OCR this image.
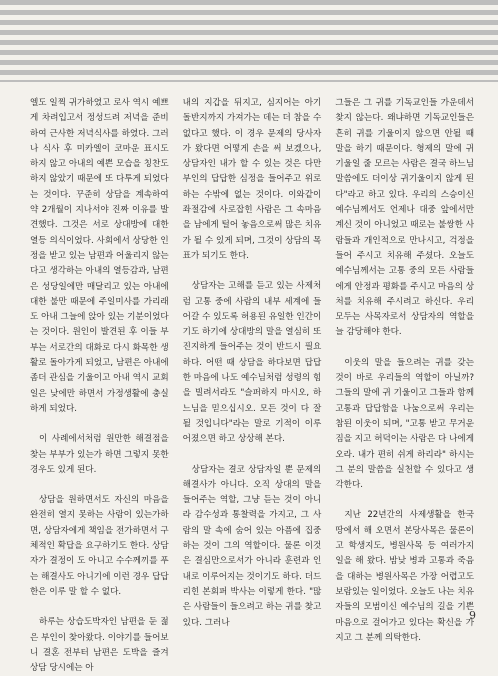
엘도 일찍 귀가하였고 로사 역시 예쁘게 차려입고서 정성드려 저녁을 준비하여 근사한 저녁식사를 하였다. 그러나 식사 후 미카엘이 코마운 표시도 하지 않고 아내의 예쁜 모습을 칭찬도 하지 않았기 때문에 또 다투게 되었다는 것이다. 꾸준히 상담을 계속하여 약 2개월이 지나서야 진짜 이유를 발견했다. 그것은 서로 상대방에 대한 열등 의식이었다. 사회에서 상당한 인정을 받고 있는 남편과 어울리지 않는다고 생각하는 아내의 열등감과, 남편은 성당일에만 매달리고 있는 아내에 대한 불만 때문에 주일미사를 가리래도 아내 그늘에 앉아 있는 기분이었다는 것이다. 원인이 발견된 후 이들 부부는 서로간의 대화로 다시 화목한 생활로 돌아가게 되었고, 남편은 아내에 좀더 관심을 기울이고 아내 역시 교회일은 낮에만 하면서 가정생활에 충실하게 되었다.

이 사례에서처럼 원만한 해결점을 찾는 부부가 있는가 하면 그렇지 못한 경우도 있게 된다.

상담을 원하면서도 자신의 마음을 완전히 열지 못하는 사람이 있는가하면, 상담자에게 책임을 전가하면서 구체적인 확답을 요구하기도 한다. 상담자가 결정이 도 아니고 수수께끼를 푸는 해결사도 아니기에 이런 경우 답답한은 이루 말 할 수 없다.

하루는 상습도박자인 남편을 둔 젊은 부인이 찾아왔다. 이야기를 들어보니 결혼 전부터 남편은 도박을 즐겨 상담 당시에는 아

내의 지갑을 뒤지고, 심지어는 아기 돌반지까지 가져가는 데는 더 참을 수 없다고 했다. 이 경우 문제의 당사자가 왔다면 어떻게 손을 써 보겠으나, 상담자인 내가 할 수 있는 것은 다만 부인의 답답한 심정을 들어주고 위로하는 수밖에 없는 것이다. 이와같이 좌절감에 사로잡힌 사람은 그 속마음을 남에게 털어 놓음으로써 많은 치유가 될 수 있게 되며, 그것이 상담의 목표가 되기도 한다.

상담자는 고해를 듣고 있는 사제처럼 고통 중에 사람의 내부 세계에 들어갈 수 있도록 허용된 유일한 인간이기도 하기에 상대방의 말을 열심히 또 진지하게 들어주는 것이 반드시 필요하다. 어떤 때 상담을 하다보면 답답한 마음에 나도 예수님처럼 성령의 힘을 빌려서라도 "슬퍼하지 마시오, 하느님을 믿으십시오. 모든 것이 다 잘 될 것입니다"라는 말로 기적이 이루어졌으면 하고 상상해 본다.

상담자는 결코 상담자일 뿐 문제의 해결사가 아니다. 오직 상대의 말을 들어주는 역할, 그냥 듣는 것이 아니라 감수성과 통찰력을 가지고, 그 사람의 말 속에 숨어 있는 아픔에 집중하는 것이 그의 역할이다. 물론 이것은 결심만으로서가 아니라 훈련과 인내로 이루어지는 것이기도 하다. 더드리힌 본회퍼 박사는 이렇게 한다. "많은 사람들이 들으려고 하는 귀를 찾고 있다. 그러나

그들은 그 귀를 기독교인들 가운데서 찾지 않는다. 왜냐하면 기독교인들은 흔히 귀를 기울이지 않으면 안될 때 말을 하기 때문이다. 형제의 말에 귀기울일 줄 모르는 사람은 결국 하느님 말씀에도 더이상 귀기울이지 않게 된다"라고 하고 있다. 우리의 스승이신 예수님께서도 언제나 대중 앞에서만 계신 것이 아니었고 때로는 불쌍한 사람들과 개인적으로 만나시고, 걱정을 들어 주시고 치유해 주셨다. 오늘도 예수님께서는 고통 중의 모든 사람들에게 안정과 평화를 주시고 마음의 상처를 치유해 주시려고 하신다. 우리 모두는 사목자로서 상담자의 역할을 늘 감당해야 한다.

이웃의 말을 들으려는 귀를 갖는 것이 바로 우리들의 역할이 아닐까? 그들의 말에 귀 기울이고 그들과 함께 고통과 답답함을 나눔으로써 우리는 참된 이웃이 되며, "고통 받고 무거운 짐을 지고 허덕이는 사람은 다 나에게 오라. 내가 편히 쉬게 하리라" 하시는 그 분의 말씀을 실천할 수 있다고 생각한다.

지난 22년간의 사제생활을 한국 땅에서 해 오면서 본당사목은 물론이고 학생지도, 병원사목 등 여러가지 일을 해 왔다. 밤낮 병과 고통과 죽음을 대하는 병원사목은 가장 어렵고도 보람있는 일이었다. 오늘도 나는 치유자들의 모범이신 예수님의 길을 기쁜 마음으로 걸어가고 있다는 확신을 가지고 그 분께 의탁한다.

9
